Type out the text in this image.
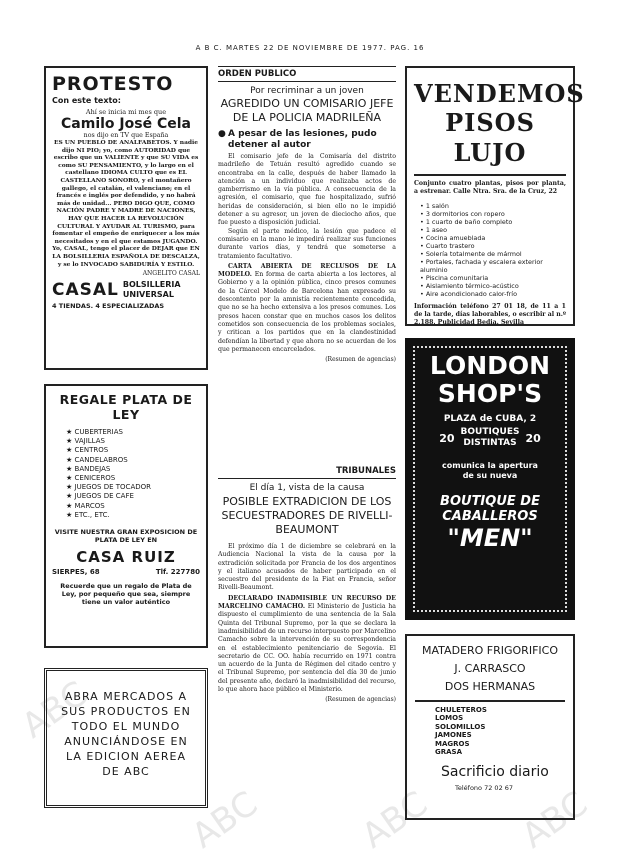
ABC
ABC	ABC ABC
A B C. MARTES 22 DE NOVIEMBRE DE 1977. PAG. 16
PROTESTO
Con este texto:
Ahí se inicia mi mes que
Camilo José Cela
nos dijo en TV que España

ES UN PUEBLO DE ANALFABETOS. Y nadie dijo NI PIO; yo, como AUTORIDAD que escribo que un VALIENTE y que SU VIDA es como SU PENSAMIENTO, y lo largo en el castellano IDIOMA CULTO que es EL CASTELLANO SONORO, y el montañero gallego, el catalán, el valenciano; en el francés e inglés por defendido, y no habrá más de unidad... PERO DIGO QUE, COMO NACIÓN PADRE Y MADRE DE NACIONES, HAY QUE HACER LA REVOLUCIÓN CULTURAL Y AYUDAR AL TURISMO, para fomentar el empeño de enriquecer a los más necesitados y en el que estamos JUGANDO. Yo, CASAL, tengo el placer de DEJAR que EN LA BOLSILLERIA ESPAÑOLA DE DESCALZA, y se lo INVOCADO SABIDURÍA Y ESTILO.

ANGELITO CASAL
CASAL BOLSILLERIA
UNIVERSAL
4 TIENDAS. 4 ESPECIALIZADAS
REGALE PLATA DE LEY
★ CUBERTERIAS
★ VAJILLAS
★ CENTROS
★ CANDELABROS
★ BANDEJAS
★ CENICEROS
★ JUEGOS DE TOCADOR
★ JUEGOS DE CAFE
★ MARCOS
★ ETC., ETC.
VISITE NUESTRA GRAN EXPOSICION DE PLATA DE LEY EN
CASA RUIZ
SIERPES, 68	Tlf. 227780
Recuerde que un regalo de Plata de Ley, por pequeño que sea, siempre tiene un valor auténtico
ABRA MERCADOS A SUS PRODUCTOS EN TODO EL MUNDO ANUNCIÁNDOSE EN LA EDICION AEREA DE ABC
ORDEN PUBLICO
Por recriminar a un joven
AGREDIDO UN COMISARIO JEFE DE LA POLICIA MADRILEÑA
● A pesar de las lesiones, pudo detener al autor

El comisario jefe de la Comisaría del distrito madrileño de Tetuán resultó agredido cuando se encontraba en la calle, después de haber llamado la atención a un individuo que realizaba actos de gamberrismo en la vía pública. A consecuencia de la agresión, el comisario, que fue hospitalizado, sufrió heridas de consideración, si bien ello no le impidió detener a su agresor, un joven de dieciocho años, que fue puesto a disposición judicial.

Según el parte médico, la lesión que padece el comisario en la mano le impedirá realizar sus funciones durante varios días, y tendrá que someterse a tratamiento facultativo.

CARTA ABIERTA DE RECLUSOS DE LA MODELO. En forma de carta abierta a los lectores, al Gobierno y a la opinión pública, cinco presos comunes de la Cárcel Modelo de Barcelona han expresado su descontento por la amnistía recientemente concedida, que no se ha hecho extensiva a los presos comunes. Los presos hacen constar que en muchos casos los delitos cometidos son consecuencia de los problemas sociales, y critican a los partidos que en la clandestinidad defendían la libertad y que ahora no se acuerdan de los que permanecen encarcelados.

(Resumen de agencias)
TRIBUNALES
El día 1, vista de la causa
POSIBLE EXTRADICION DE LOS SECUESTRADORES DE RIVELLI-BEAUMONT

El próximo día 1 de diciembre se celebrará en la Audiencia Nacional la vista de la causa por la extradición solicitada por Francia de los dos argentinos y el italiano acusados de haber participado en el secuestro del presidente de la Fiat en Francia, señor Rivelli-Beaumont.

DECLARADO INADMISIBLE UN RECURSO DE MARCELINO CAMACHO. El Ministerio de Justicia ha dispuesto el cumplimiento de una sentencia de la Sala Quinta del Tribunal Supremo, por la que se declara la inadmisibilidad de un recurso interpuesto por Marcelino Camacho sobre la intervención de su correspondencia en el establecimiento penitenciario de Segovia. El secretario de CC. OO. había recurrido en 1971 contra un acuerdo de la Junta de Régimen del citado centro y el Tribunal Supremo, por sentencia del día 30 de junio del presente año, declaró la inadmisibilidad del recurso, lo que ahora hace público el Ministerio.

(Resumen de agencias)
VENDEMOS
PISOS LUJO

Conjunto cuatro plantas, pisos por planta, a estrenar. Calle Ntra. Sra. de la Cruz, 22

• 1 salón
• 3 dormitorios con ropero
• 1 cuarto de baño completo
• 1 aseo
• Cocina amueblada
• Cuarto trastero
• Solería totalmente de mármol
• Portales, fachada y escalera exterior aluminio
• Piscina comunitaria
• Aislamiento térmico-acústico
• Aire acondicionado calor-frío

Información teléfono 27 01 18, de 11 a 1 de la tarde, días laborables, o escribir al n.º 2.188. Publicidad Bedia. Sevilla

LONDON
SHOP'S
PLAZA de CUBA, 2
20 BOUTIQUES
DISTINTAS 20
comunica la apertura
de su nueva
BOUTIQUE DE
CABALLEROS
"MEN"
MATADERO FRIGORIFICO
J. CARRASCO
DOS HERMANAS
CHULETEROS
LOMOS
SOLOMILLOS
JAMONES
MAGROS
GRASA
Sacrificio diario
Teléfono 72 02 67
